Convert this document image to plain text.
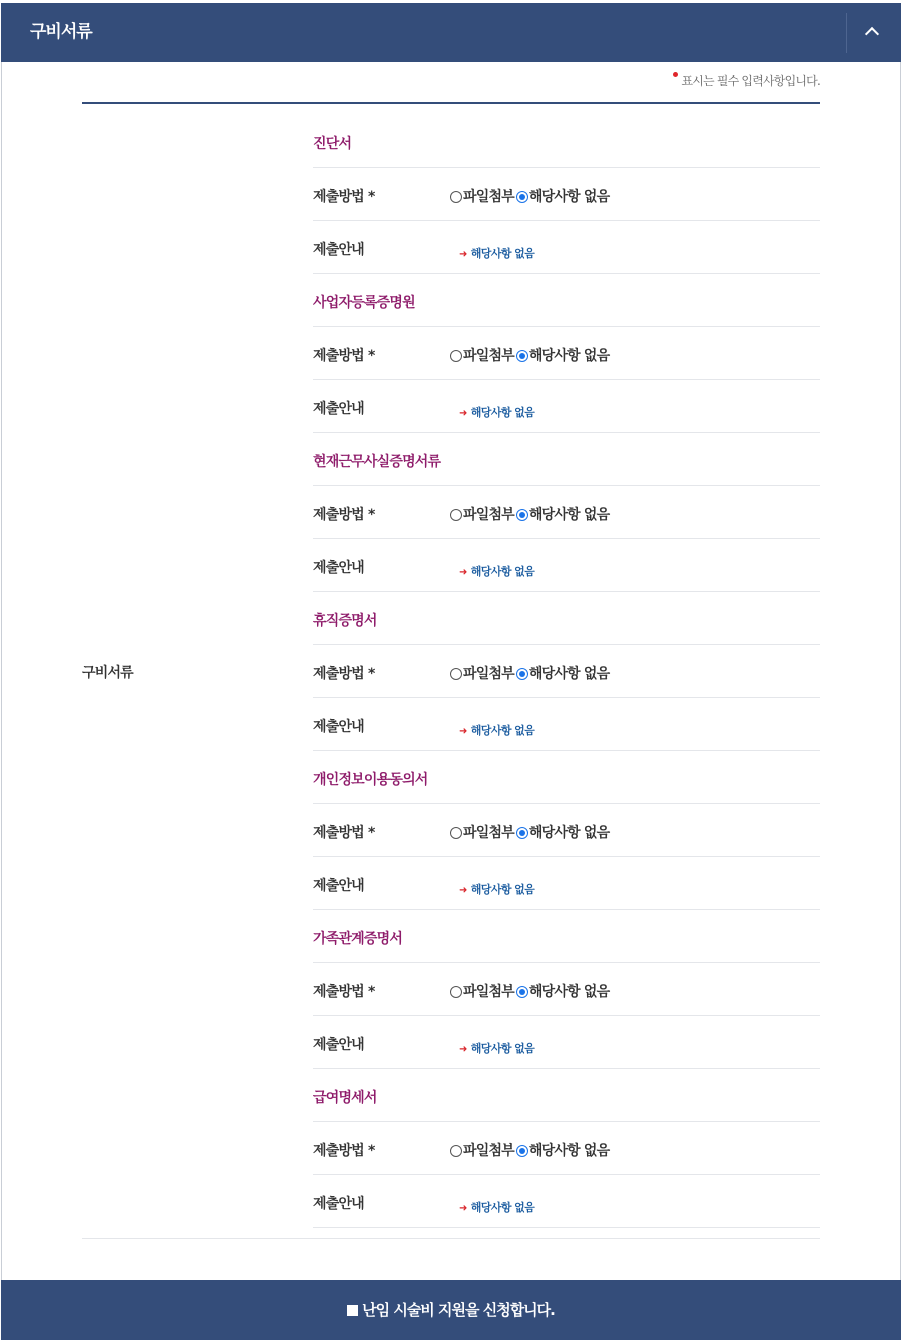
구비서류
표시는 필수 입력사항입니다.
구비서류
진단서
제출방법 *	파일첨부 해당사항 없음
제출안내	➜ 해당사항 없음
사업자등록증명원
제출방법 *	파일첨부 해당사항 없음
제출안내	➜ 해당사항 없음
현재근무사실증명서류
제출방법 *	파일첨부 해당사항 없음
제출안내	➜ 해당사항 없음
휴직증명서
제출방법 *	파일첨부 해당사항 없음
제출안내	➜ 해당사항 없음
개인정보이용동의서
제출방법 *	파일첨부 해당사항 없음
제출안내	➜ 해당사항 없음
가족관계증명서
제출방법 *	파일첨부 해당사항 없음
제출안내	➜ 해당사항 없음
급여명세서
제출방법 *	파일첨부 해당사항 없음
제출안내	➜ 해당사항 없음
난임 시술비 지원을 신청합니다.
